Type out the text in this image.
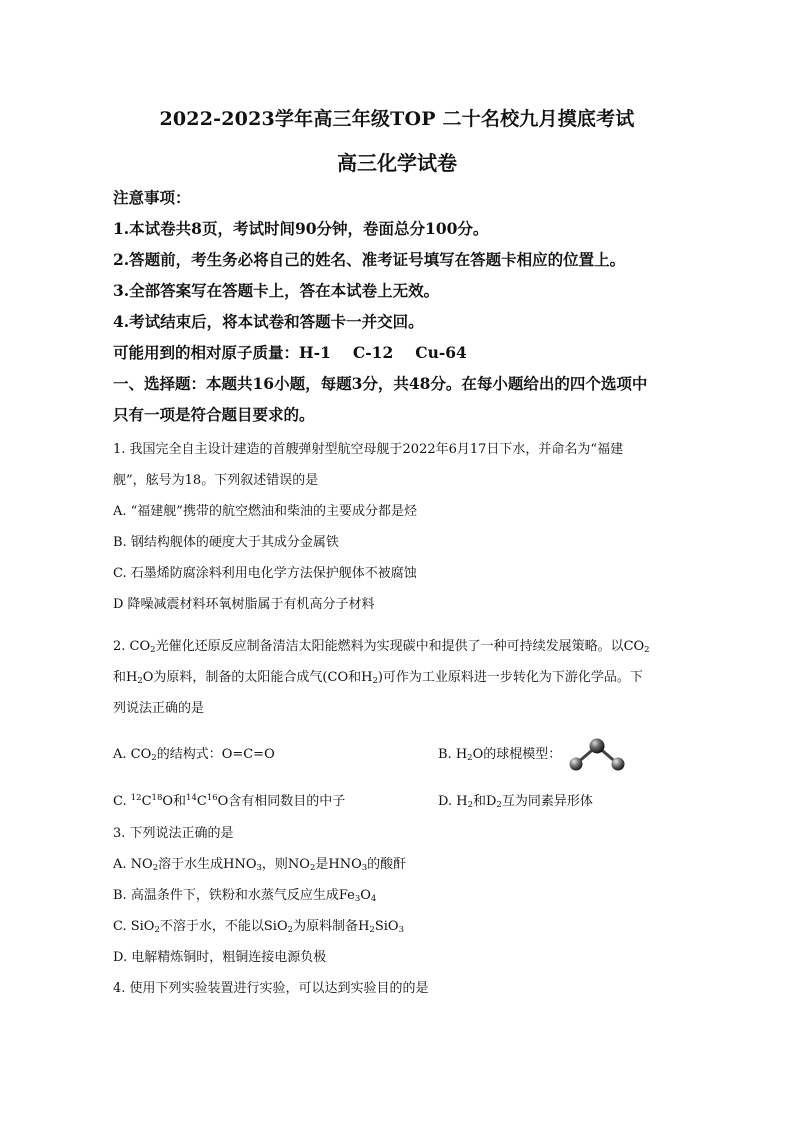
2022-2023学年高三年级TOP 二十名校九月摸底考试
高三化学试卷
注意事项：
1.本试卷共8页，考试时间90分钟，卷面总分100分。
2.答题前，考生务必将自己的姓名、准考证号填写在答题卡相应的位置上。
3.全部答案写在答题卡上，答在本试卷上无效。
4.考试结束后，将本试卷和答题卡一并交回。
可能用到的相对原子质量：H-1 C-12 Cu-64
一、选择题：本题共16小题，每题3分，共48分。在每小题给出的四个选项中
只有一项是符合题目要求的。
1. 我国完全自主设计建造的首艘弹射型航空母舰于2022年6月17日下水，并命名为“福建
舰”，舷号为18。下列叙述错误的是
A. “福建舰”携带的航空燃油和柴油的主要成分都是烃
B. 钢结构舰体的硬度大于其成分金属铁
C. 石墨烯防腐涂料利用电化学方法保护舰体不被腐蚀
D 降噪减震材料环氧树脂属于有机高分子材料
2. $CO_2$光催化还原反应制备清洁太阳能燃料为实现碳中和提供了一种可持续发展策略。以$CO_2$
和$H_2O$为原料，制备的太阳能合成气(CO和$H_2$)可作为工业原料进一步转化为下游化学品。下
列说法正确的是
A. $CO_2$的结构式：O=C=O	B. $H_2O$的球棍模型：
C. $^{12}C^{18}O$和$^{14}C^{16}O$含有相同数目的中子	D. $H_2$和$D_2$互为同素异形体
3. 下列说法正确的是
A. $NO_2$溶于水生成$HNO_3$，则$NO_2$是$HNO_3$的酸酐
B. 高温条件下，铁粉和水蒸气反应生成$Fe_3O_4$
C. SiO$_2$不溶于水，不能以SiO$_2$为原料制备$H_2SiO_3$
D. 电解精炼铜时，粗铜连接电源负极
4. 使用下列实验装置进行实验，可以达到实验目的的是
